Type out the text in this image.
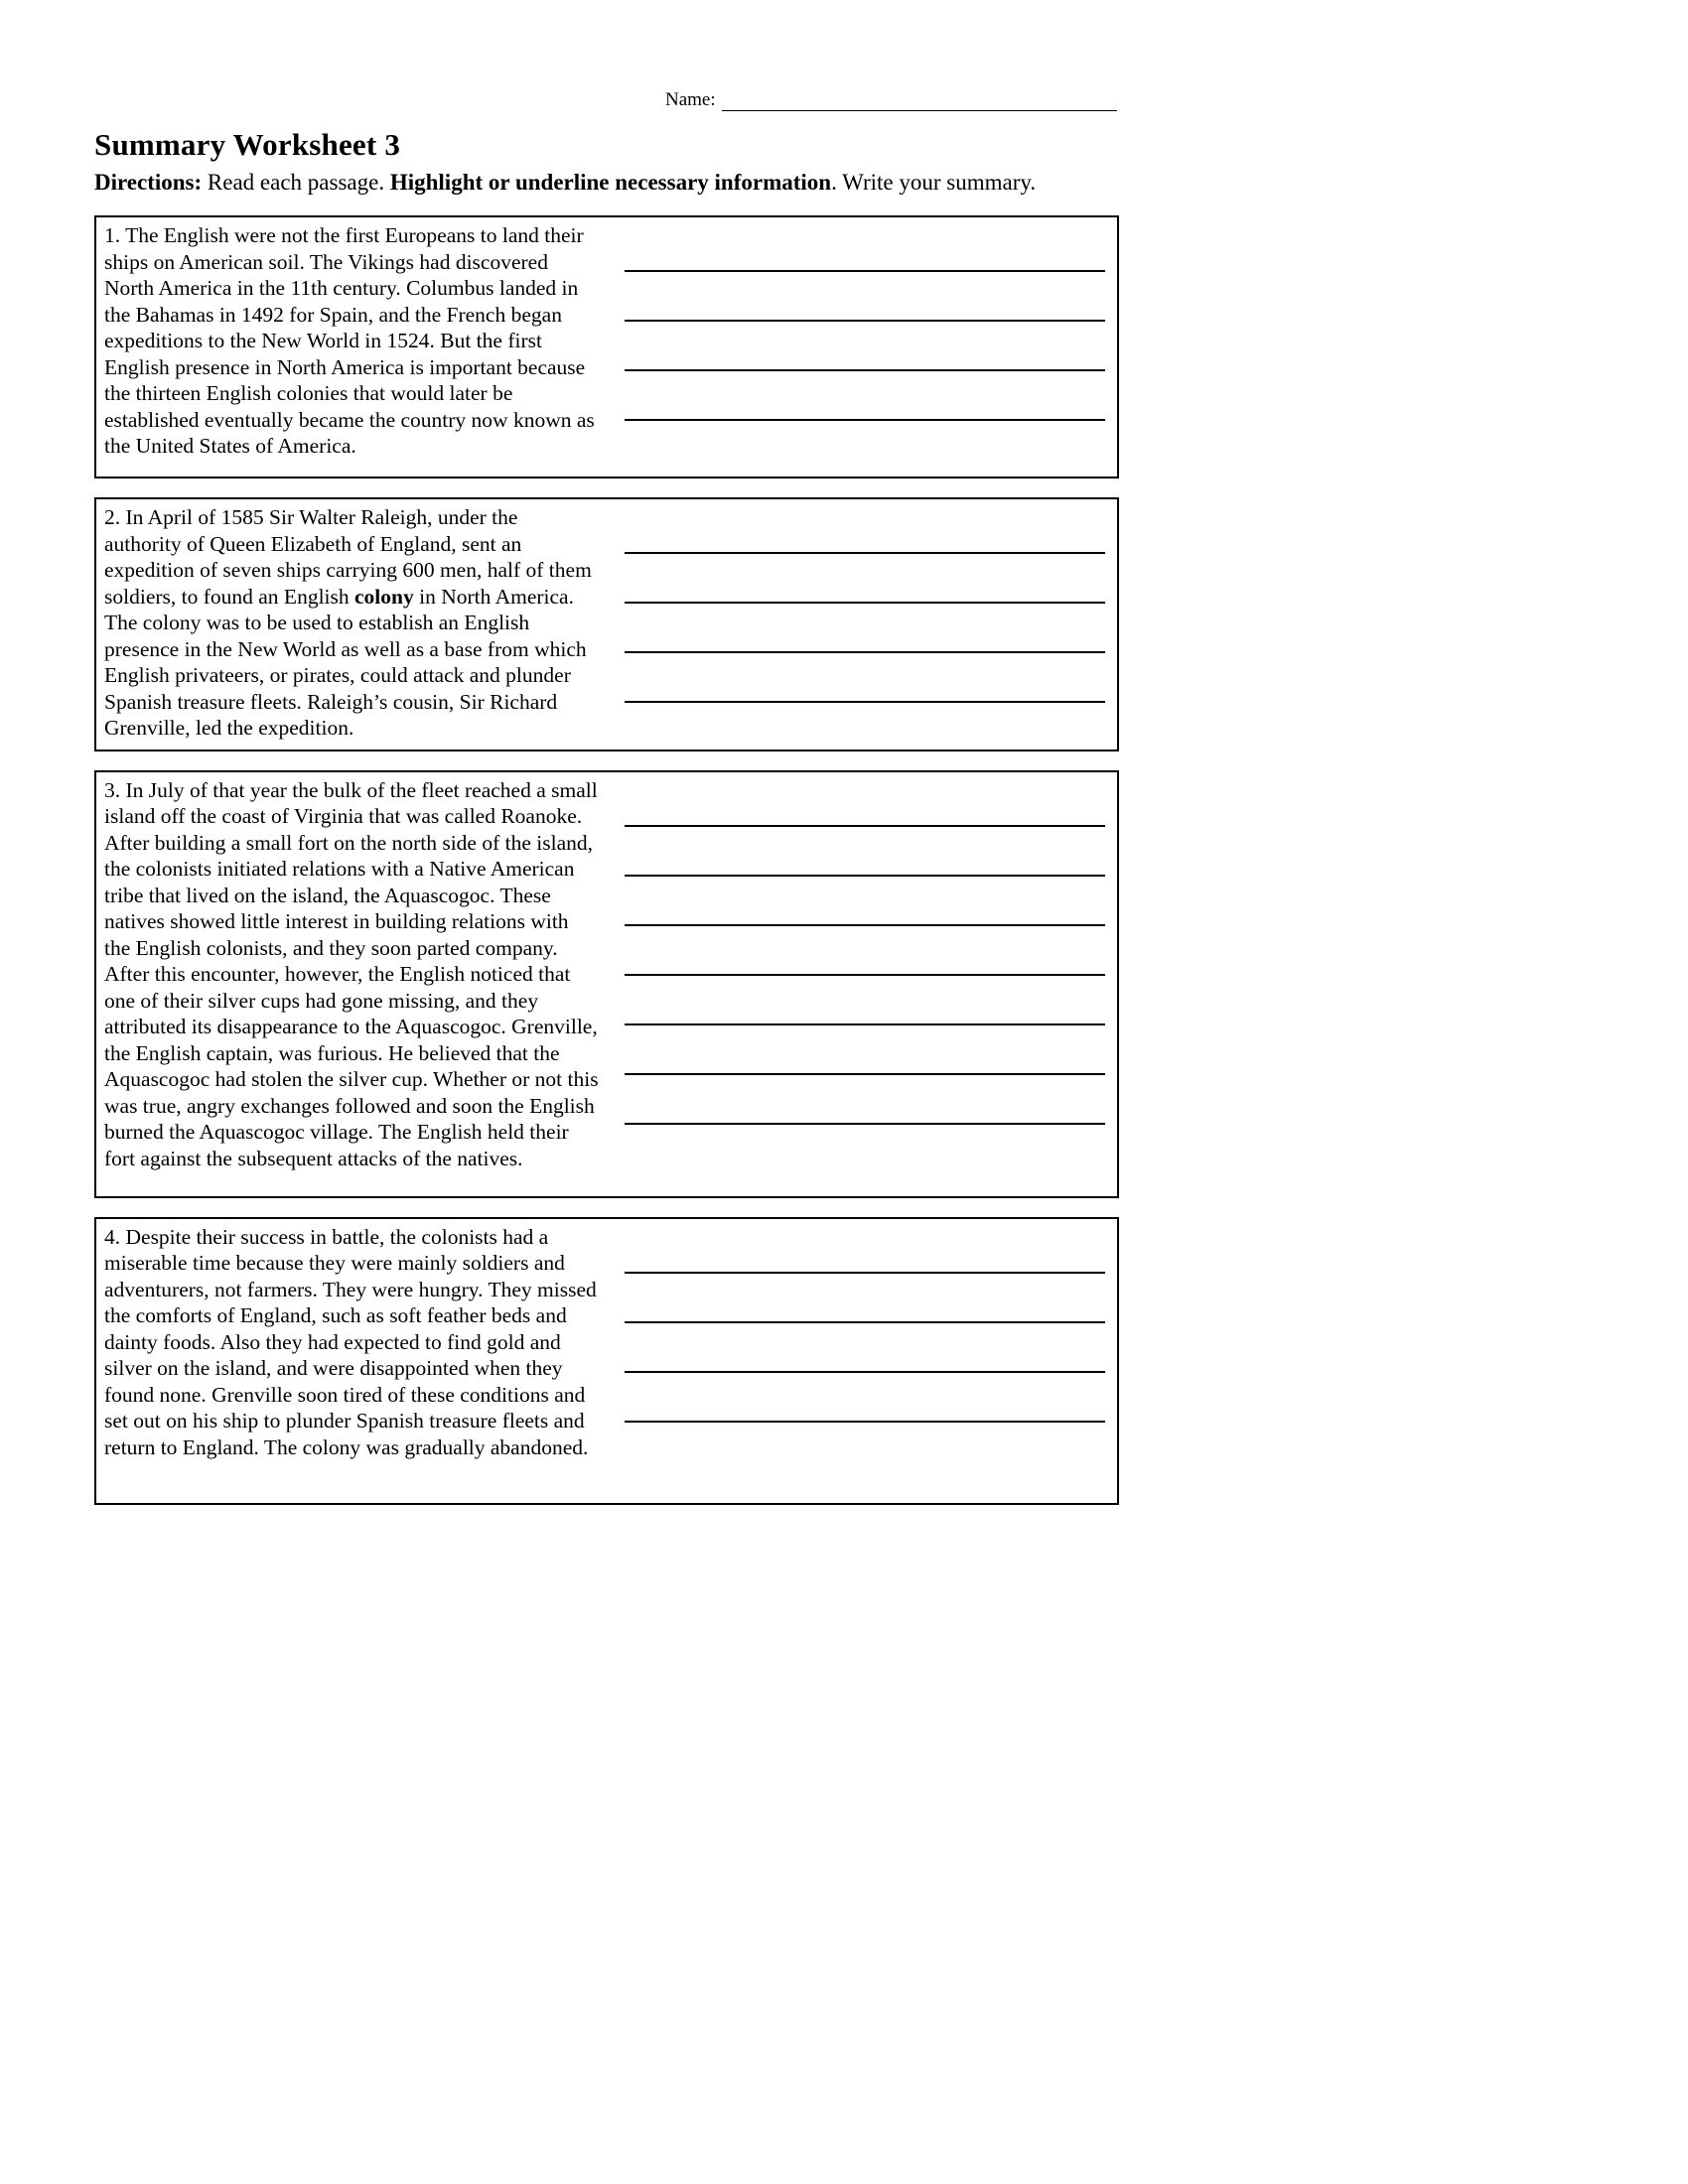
Name:
Summary Worksheet 3
Directions: Read each passage. Highlight or underline necessary information. Write your summary.
1. The English were not the first Europeans to land their ships on American soil. The Vikings had discovered North America in the 11th century. Columbus landed in the Bahamas in 1492 for Spain, and the French began expeditions to the New World in 1524. But the first English presence in North America is important because the thirteen English colonies that would later be established eventually became the country now known as the United States of America.
2. In April of 1585 Sir Walter Raleigh, under the authority of Queen Elizabeth of England, sent an expedition of seven ships carrying 600 men, half of them soldiers, to found an English colony in North America. The colony was to be used to establish an English presence in the New World as well as a base from which English privateers, or pirates, could attack and plunder Spanish treasure fleets. Raleigh’s cousin, Sir Richard Grenville, led the expedition.
3. In July of that year the bulk of the fleet reached a small island off the coast of Virginia that was called Roanoke. After building a small fort on the north side of the island, the colonists initiated relations with a Native American tribe that lived on the island, the Aquascogoc. These natives showed little interest in building relations with the English colonists, and they soon parted company. After this encounter, however, the English noticed that one of their silver cups had gone missing, and they attributed its disappearance to the Aquascogoc. Grenville, the English captain, was furious. He believed that the Aquascogoc had stolen the silver cup. Whether or not this was true, angry exchanges followed and soon the English burned the Aquascogoc village. The English held their fort against the subsequent attacks of the natives.
4. Despite their success in battle, the colonists had a miserable time because they were mainly soldiers and adventurers, not farmers. They were hungry. They missed the comforts of England, such as soft feather beds and dainty foods. Also they had expected to find gold and silver on the island, and were disappointed when they found none. Grenville soon tired of these conditions and set out on his ship to plunder Spanish treasure fleets and return to England. The colony was gradually abandoned.
